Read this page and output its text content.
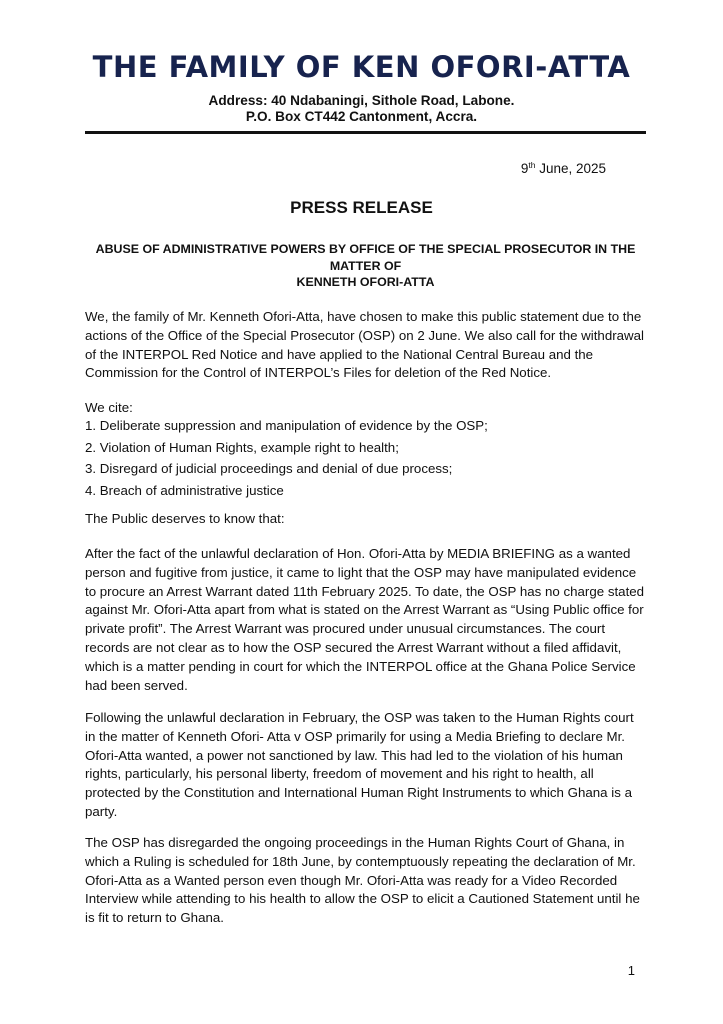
THE FAMILY OF KEN OFORI-ATTA
Address: 40 Ndabaningi, Sithole Road, Labone.
P.O. Box CT442 Cantonment, Accra.
9th June, 2025
PRESS RELEASE
ABUSE OF ADMINISTRATIVE POWERS BY OFFICE OF THE SPECIAL PROSECUTOR IN THE
MATTER OF
KENNETH OFORI-ATTA

We, the family of Mr. Kenneth Ofori-Atta, have chosen to make this public statement due to the actions of the Office of the Special Prosecutor (OSP) on 2 June. We also call for the withdrawal of the INTERPOL Red Notice and have applied to the National Central Bureau and the Commission for the Control of INTERPOL’s Files for deletion of the Red Notice.

We cite:

1. Deliberate suppression and manipulation of evidence by the OSP;
2. Violation of Human Rights, example right to health;
3. Disregard of judicial proceedings and denial of due process;
4. Breach of administrative justice

The Public deserves to know that:

After the fact of the unlawful declaration of Hon. Ofori-Atta by MEDIA BRIEFING as a wanted person and fugitive from justice, it came to light that the OSP may have manipulated evidence to procure an Arrest Warrant dated 11th February 2025. To date, the OSP has no charge stated against Mr. Ofori-Atta apart from what is stated on the Arrest Warrant as “Using Public office for private profit”. The Arrest Warrant was procured under unusual circumstances. The court records are not clear as to how the OSP secured the Arrest Warrant without a filed affidavit, which is a matter pending in court for which the INTERPOL office at the Ghana Police Service had been served.

Following the unlawful declaration in February, the OSP was taken to the Human Rights court in the matter of Kenneth Ofori- Atta v OSP primarily for using a Media Briefing to declare Mr. Ofori-Atta wanted, a power not sanctioned by law. This had led to the violation of his human rights, particularly, his personal liberty, freedom of movement and his right to health, all protected by the Constitution and International Human Right Instruments to which Ghana is a party.

The OSP has disregarded the ongoing proceedings in the Human Rights Court of Ghana, in which a Ruling is scheduled for 18th June, by contemptuously repeating the declaration of Mr. Ofori-Atta as a Wanted person even though Mr. Ofori-Atta was ready for a Video Recorded Interview while attending to his health to allow the OSP to elicit a Cautioned Statement until he is fit to return to Ghana.

1
